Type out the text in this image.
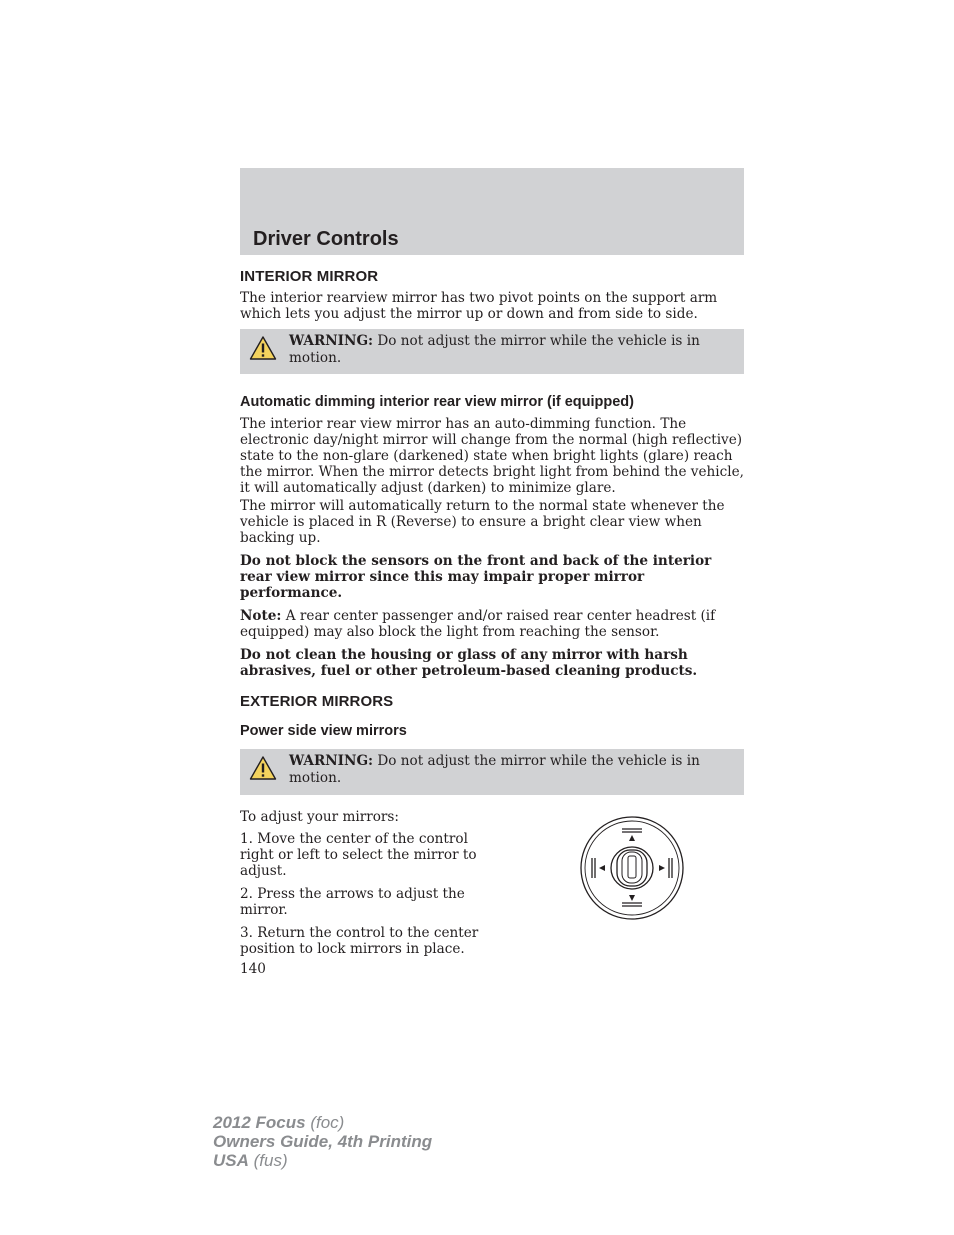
Driver Controls
INTERIOR MIRROR

The interior rearview mirror has two pivot points on the support arm
which lets you adjust the mirror up or down and from side to side.

WARNING: Do not adjust the mirror while the vehicle is in motion.
Automatic dimming interior rear view mirror (if equipped)

The interior rear view mirror has an auto-dimming function. The
electronic day/night mirror will change from the normal (high reflective)
state to the non-glare (darkened) state when bright lights (glare) reach
the mirror. When the mirror detects bright light from behind the vehicle,
it will automatically adjust (darken) to minimize glare.

The mirror will automatically return to the normal state whenever the
vehicle is placed in R (Reverse) to ensure a bright clear view when
backing up.

Do not block the sensors on the front and back of the interior
rear view mirror since this may impair proper mirror
performance.

Note: A rear center passenger and/or raised rear center headrest (if equipped) may also block the light from reaching the sensor.

Do not clean the housing or glass of any mirror with harsh
abrasives, fuel or other petroleum-based cleaning products.

EXTERIOR MIRRORS
Power side view mirrors
WARNING: Do not adjust the mirror while the vehicle is in motion.

To adjust your mirrors:

1. Move the center of the control right or left to select the mirror to adjust.

2. Press the arrows to adjust the mirror.

3. Return the control to the center position to lock mirrors in place.

140
2012 Focus (foc)
Owners Guide, 4th Printing
USA (fus)
